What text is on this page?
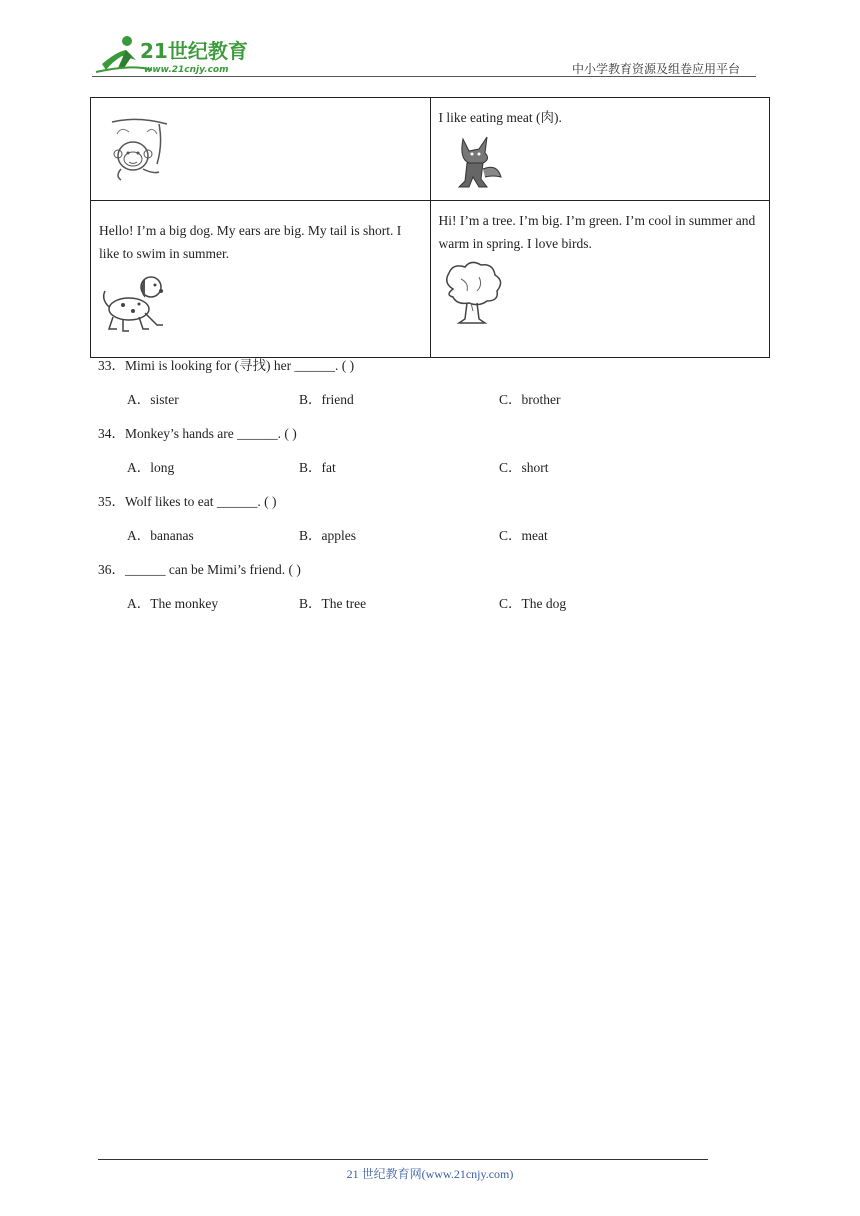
21世纪教育
www.21cnjy.com	中小学教育资源及组卷应用平台

I like eating meat (肉).

Hello! I’m a big dog. My ears are big. My tail is short. I like to swim in summer.	Hi! I’m a tree. I’m big. I’m green. I’m cool in summer and warm in spring. I love birds.
33．Mimi is looking for (寻找) her ______. ( )
A．sister	B．friend	C．brother
34．Monkey’s hands are ______. ( )
A．long	B．fat	C．short
35．Wolf likes to eat ______. ( )
A．bananas	B．apples	C．meat
36．______ can be Mimi’s friend. ( )
A．The monkey	B．The tree	C．The dog
21 世纪教育网(www.21cnjy.com)
